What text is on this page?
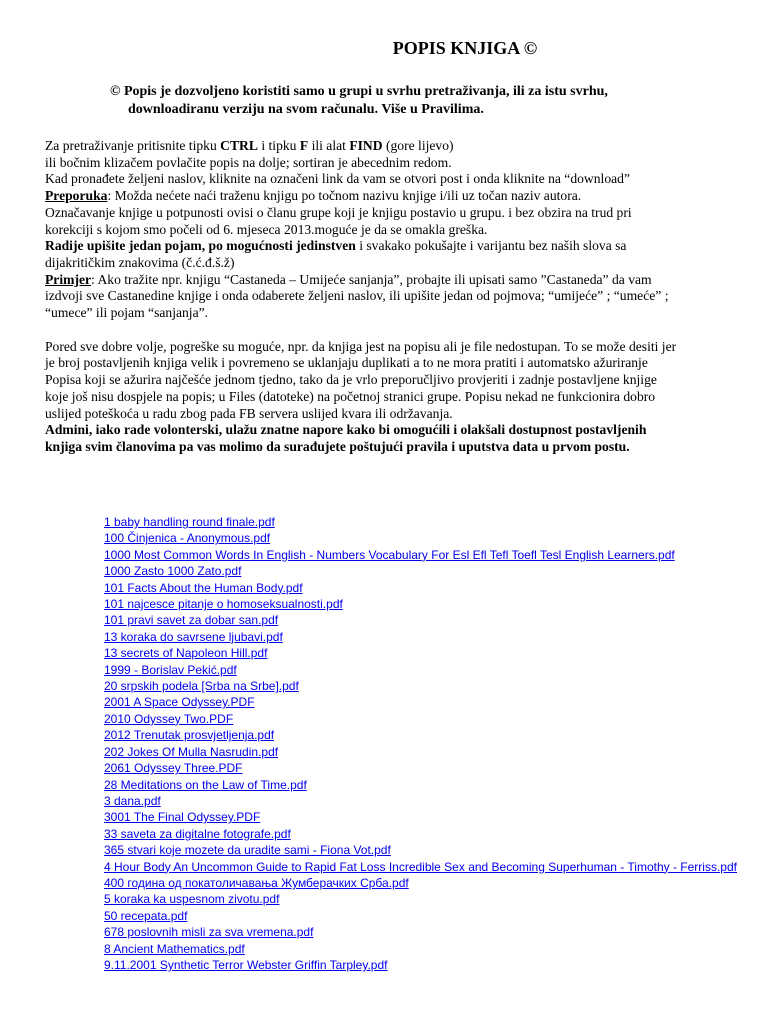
POPIS KNJIGA ©
© Popis je dozvoljeno koristiti samo u grupi u svrhu pretraživanja, ili za istu svrhu,
downloadiranu verziju na svom računalu. Više u Pravilima.

Za pretraživanje pritisnite tipku CTRL i tipku F ili alat FIND (gore lijevo)

ili bočnim klizačem povlačite popis na dolje; sortiran je abecednim redom.

Kad pronađete željeni naslov, kliknite na označeni link da vam se otvori post i onda kliknite na “download”

Preporuka: Možda nećete naći traženu knjigu po točnom nazivu knjige i/ili uz točan naziv autora.

Označavanje knjige u potpunosti ovisi o članu grupe koji je knjigu postavio u grupu. i bez obzira na trud pri

korekciji s kojom smo počeli od 6. mjeseca 2013.moguće je da se omakla greška.

Radije upišite jedan pojam, po mogućnosti jedinstven i svakako pokušajte i varijantu bez naših slova sa

dijakritičkim znakovima (č.ć.đ.š.ž)

Primjer: Ako tražite npr. knjigu “Castaneda – Umijeće sanjanja”, probajte ili upisati samo ”Castaneda” da vam

izdvoji sve Castanedine knjige i onda odaberete željeni naslov, ili upišite jedan od pojmova; “umijeće” ; “umeće” ;

“umece” ili pojam “sanjanja”.

Pored sve dobre volje, pogreške su moguće, npr. da knjiga jest na popisu ali je file nedostupan. To se može desiti jer

je broj postavljenih knjiga velik i povremeno se uklanjaju duplikati a to ne mora pratiti i automatsko ažuriranje

Popisa koji se ažurira najčešće jednom tjedno, tako da je vrlo preporučljivo provjeriti i zadnje postavljene knjige

koje još nisu dospjele na popis; u Files (datoteke) na početnoj stranici grupe. Popisu nekad ne funkcionira dobro

uslijed poteškoća u radu zbog pada FB servera uslijed kvara ili održavanja.

Admini, iako rade volonterski, ulažu znatne napore kako bi omogućili i olakšali dostupnost postavljenih

knjiga svim članovima pa vas molimo da surađujete poštujući pravila i uputstva data u prvom postu.

1 baby handling round finale.pdf
100 Činjenica - Anonymous.pdf
1000 Most Common Words In English - Numbers Vocabulary For Esl Efl Tefl Toefl Tesl English Learners.pdf
1000 Zasto 1000 Zato.pdf
101 Facts About the Human Body.pdf
101 najcesce pitanje o homoseksualnosti.pdf
101 pravi savet za dobar san.pdf
13 koraka do savrsene ljubavi.pdf
13 secrets of Napoleon Hill.pdf
1999 - Borislav Pekić.pdf
20 srpskih podela [Srba na Srbe].pdf
2001 A Space Odyssey.PDF
2010 Odyssey Two.PDF
2012 Trenutak prosvjetljenja.pdf
202 Jokes Of Mulla Nasrudin.pdf
2061 Odyssey Three.PDF
28 Meditations on the Law of Time.pdf
3 dana.pdf
3001 The Final Odyssey.PDF
33 saveta za digitalne fotografe.pdf
365 stvari koje mozete da uradite sami - Fiona Vot.pdf
4 Hour Body An Uncommon Guide to Rapid Fat Loss Incredible Sex and Becoming Superhuman - Timothy - Ferriss.pdf
400 година од покатоличавања Жумберачких Срба.pdf
5 koraka ka uspesnom zivotu.pdf
50 recepata.pdf
678 poslovnih misli za sva vremena.pdf
8 Ancient Mathematics.pdf
9.11.2001 Synthetic Terror Webster Griffin Tarpley.pdf
